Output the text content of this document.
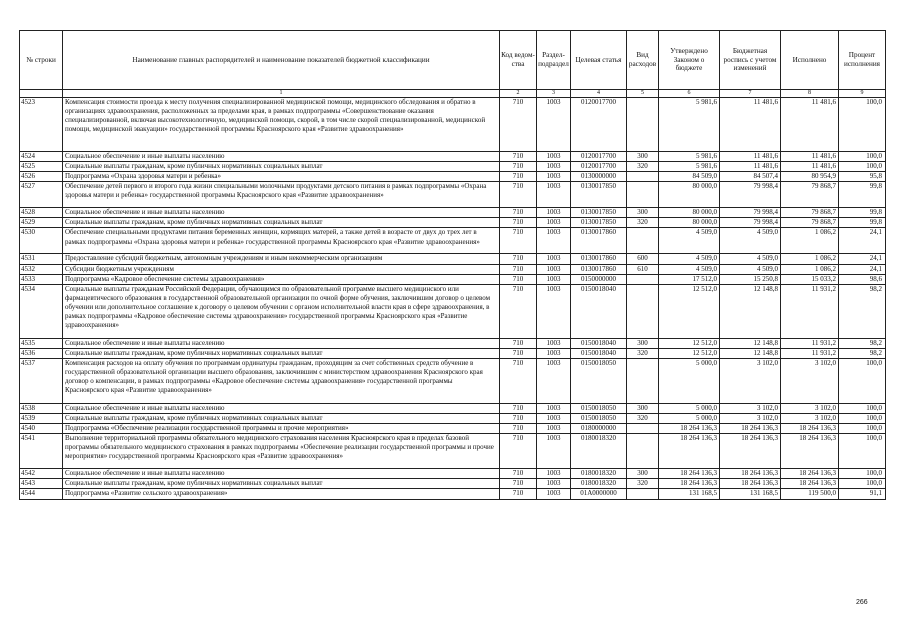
№ строки	Наименование главных распорядителей и наименование показателей бюджетной классификации	Код ведом-ства	Раздел-подраздел	Целевая статья	Вид расходов	Утверждено Законом о бюджете	Бюджетная роспись с учетом изменений	Исполнено	Процент исполнения
	1	2	3	4	5	6	7	8	9
4523	Компенсация стоимости проезда к месту получения специализированной медицинской помощи, медицинского обследования и обратно в организациях здравоохранения, расположенных за пределами края, в рамках подпрограммы «Совершенствование оказания специализированной, включая высокотехнологичную, медицинской помощи, скорой, в том числе скорой специализированной, медицинской помощи, медицинской эвакуации» государственной программы Красноярского края «Развитие здравоохранения»	710	1003	0120017700		5 981,6	11 481,6	11 481,6	100,0
4524	Социальное обеспечение и иные выплаты населению	710	1003	0120017700	300	5 981,6	11 481,6	11 481,6	100,0
4525	Социальные выплаты гражданам, кроме публичных нормативных социальных выплат	710	1003	0120017700	320	5 981,6	11 481,6	11 481,6	100,0
4526	Подпрограмма «Охрана здоровья матери и ребенка»	710	1003	0130000000		84 509,0	84 507,4	80 954,9	95,8
4527	Обеспечение детей первого и второго года жизни специальными молочными продуктами детского питания в рамках подпрограммы «Охрана здоровья матери и ребенка» государственной программы Красноярского края «Развитие здравоохранения»	710	1003	0130017850		80 000,0	79 998,4	79 868,7	99,8
4528	Социальное обеспечение и иные выплаты населению	710	1003	0130017850	300	80 000,0	79 998,4	79 868,7	99,8
4529	Социальные выплаты гражданам, кроме публичных нормативных социальных выплат	710	1003	0130017850	320	80 000,0	79 998,4	79 868,7	99,8
4530	Обеспечение специальными продуктами питания беременных женщин, кормящих матерей, а также детей в возрасте от двух до трех лет в рамках подпрограммы «Охрана здоровья матери и ребенка» государственной программы Красноярского края «Развитие здравоохранения»	710	1003	0130017860		4 509,0	4 509,0	1 086,2	24,1
4531	Предоставление субсидий бюджетным, автономным учреждениям и иным некоммерческим организациям	710	1003	0130017860	600	4 509,0	4 509,0	1 086,2	24,1
4532	Субсидии бюджетным учреждениям	710	1003	0130017860	610	4 509,0	4 509,0	1 086,2	24,1
4533	Подпрограмма «Кадровое обеспечение системы здравоохранения»	710	1003	0150000000		17 512,0	15 250,8	15 033,2	98,6
4534	Социальные выплаты гражданам Российской Федерации, обучающимся по образовательной программе высшего медицинского или фармацевтического образования в государственной образовательной организации по очной форме обучения, заключившим договор о целевом обучении или дополнительное соглашение к договору о целевом обучении с органом исполнительной власти края в сфере здравоохранения, в рамках подпрограммы «Кадровое обеспечение системы здравоохранения» государственной программы Красноярского края «Развитие здравоохранения»	710	1003	0150018040		12 512,0	12 148,8	11 931,2	98,2
4535	Социальное обеспечение и иные выплаты населению	710	1003	0150018040	300	12 512,0	12 148,8	11 931,2	98,2
4536	Социальные выплаты гражданам, кроме публичных нормативных социальных выплат	710	1003	0150018040	320	12 512,0	12 148,8	11 931,2	98,2
4537	Компенсация расходов на оплату обучения по программам ординатуры гражданам, проходящим за счет собственных средств обучение в государственной образовательной организации высшего образования, заключившим с министерством здравоохранения Красноярского края договор о компенсации, в рамках подпрограммы «Кадровое обеспечение системы здравоохранения» государственной программы Красноярского края «Развитие здравоохранения»	710	1003	0150018050		5 000,0	3 102,0	3 102,0	100,0
4538	Социальное обеспечение и иные выплаты населению	710	1003	0150018050	300	5 000,0	3 102,0	3 102,0	100,0
4539	Социальные выплаты гражданам, кроме публичных нормативных социальных выплат	710	1003	0150018050	320	5 000,0	3 102,0	3 102,0	100,0
4540	Подпрограмма «Обеспечение реализации государственной программы и прочие мероприятия»	710	1003	0180000000		18 264 136,3	18 264 136,3	18 264 136,3	100,0
4541	Выполнение территориальной программы обязательного медицинского страхования населения Красноярского края в пределах базовой программы обязательного медицинского страхования в рамках подпрограммы «Обеспечение реализации государственной программы и прочие мероприятия» государственной программы Красноярского края «Развитие здравоохранения»	710	1003	0180018320		18 264 136,3	18 264 136,3	18 264 136,3	100,0
4542	Социальное обеспечение и иные выплаты населению	710	1003	0180018320	300	18 264 136,3	18 264 136,3	18 264 136,3	100,0
4543	Социальные выплаты гражданам, кроме публичных нормативных социальных выплат	710	1003	0180018320	320	18 264 136,3	18 264 136,3	18 264 136,3	100,0
4544	Подпрограмма «Развитие сельского здравоохранения»	710	1003	01А0000000		131 168,5	131 168,5	119 500,0	91,1
266
